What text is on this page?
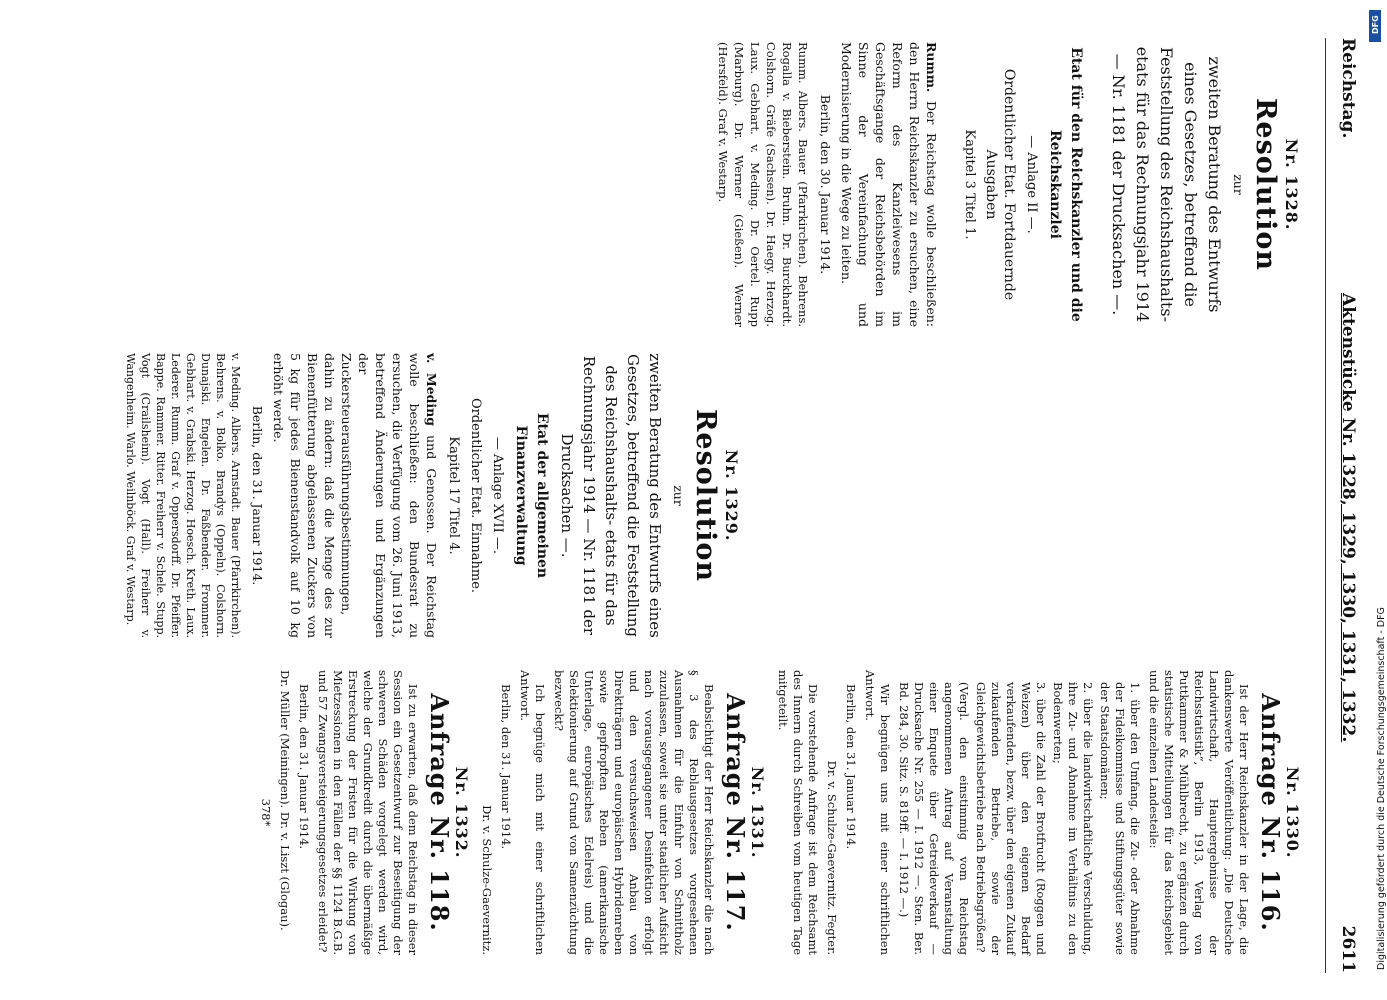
Reichstag.
Aktenstücke Nr. 1328, 1329, 1330, 1331, 1332.
2611
Nr. 1328.
Resolution
zur

zweiten Beratung des Entwurfs eines Gesetzes, betreffend die Feststellung des Reichshaushalts- etats für das Rechnungsjahr 1914 — Nr. 1181 der Drucksachen —.

Etat für den Reichskanzler und die Reichskanzlei

— Anlage II —.

Ordentlicher Etat. Fortdauernde Ausgaben

Kapitel 3 Titel 1.

Rumm. Der Reichstag wolle beschließen: den Herrn Reichskanzler zu ersuchen, eine Reform des Kanzleiwesens im Geschäftsgange der Reichsbehörden im Sinne der Vereinfachung und Modernisierung in die Wege zu leiten.

Berlin, den 30. Januar 1914.

Rumm. Albers. Bauer (Pfarrkirchen). Behrens. Rogalla v. Bieberstein. Bruhn. Dr. Burckhardt. Colshorn. Gräfe (Sachsen). Dr. Haegy. Herzog. Laux. Gebhart. v. Meding. Dr. Oertel. Rupp (Marburg). Dr. Werner (Gießen). Werner (Hersfeld). Graf v. Westarp.

Nr. 1329.
Resolution
zur

zweiten Beratung des Entwurfs eines Gesetzes, betreffend die Feststellung des Reichshaushalts- etats für das Rechnungsjahr 1914 — Nr. 1181 der Drucksachen —.

Etat der allgemeinen Finanzverwaltung

— Anlage XVII —.

Ordentlicher Etat. Einnahme.

Kapitel 17 Titel 4.

v. Meding und Genossen. Der Reichstag wolle beschließen: den Bundesrat zu ersuchen, die Verfügung vom 26. Juni 1913, betreffend Änderungen und Ergänzungen der Zuckersteuerausführungsbestimmungen, dahin zu ändern: daß die Menge des zur Bienenfütterung abgelassenen Zuckers von 5 kg für jedes Bienenstandvolk auf 10 kg erhöht werde.

Berlin, den 31. Januar 1914.

v. Meding. Albers. Arnstadt. Bauer (Pfarrkirchen). Behrens. v. Bolko. Brandys (Oppeln). Colshorn. Dunajski. Engelen. Dr. Faßbender. Frommer. Gebhart. v. Grabski. Herzog. Hoesch. Kreth. Laux. Lederer. Rumm. Graf v. Oppersdorff. Dr. Pfeiffer. Bappe. Rammer. Ritter. Freiherr v. Schele. Stupp. Vogt (Crailsheim). Vogt (Hall). Freiherr v. Wangenheim. Warlo. Weilnböck. Graf v. Westarp.

Nr. 1330.
Anfrage Nr. 116.

Ist der Herr Reichskanzler in der Lage, die dankenswerte Veröffentlichung: „Die Deutsche Landwirtschaft, Hauptergebnisse der Reichsstatistik“, Berlin 1913, Verlag von Puttkammer & Mühlbrecht, zu ergänzen durch statistische Mitteilungen für das Reichsgebiet und die einzelnen Landesteile:

1. über den Umfang, die Zu- oder Abnahme der Fideikommisse und Stiftungsgüter sowie der Staatsdomänen;

2. über die landwirtschaftliche Verschuldung, ihre Zu- und Abnahme im Verhältnis zu den Bodenwerten;

3. über die Zahl der Brotfrucht (Roggen und Weizen) über den eigenen Bedarf verkaufenden, bezw. über den eigenen Zukauf zukaufenden Betriebe, sowie der Gleichgewichtsbetriebe nach Betriebsgrößen?

(Vergl. den einstimmig vom Reichstag angenommenen Antrag auf Veranstaltung einer Enquete über Getreideverkauf — Drucksache Nr. 255 — I. 1912 —. Sten. Ber. Bd. 284, 30. Sitz. S. 819ff. — I. 1912 —.)

Wir begnügen uns mit einer schriftlichen Antwort.

Berlin, den 31. Januar 1914.

Dr. v. Schulze-Gaevernitz. Fegter.

Die vorstehende Anfrage ist dem Reichsamt des Innern durch Schreiben vom heutigen Tage mitgeteilt.

Nr. 1331.
Anfrage Nr. 117.

Beabsichtigt der Herr Reichskanzler die nach § 3 des Reblausgesetzes vorgesehenen Ausnahmen für die Einfuhr von Schnittholz zuzulassen, soweit sie unter staatlicher Aufsicht nach vorausgegangener Desinfektion erfolgt und den versuchsweisen Anbau von Direktträgern und europäischen Hybridenreben sowie gepfropften Reben (amerikanische Unterlage, europäisches Edelreis) und die Selektionierung auf Grund von Samenzüchtung bezweckt?

Ich begnüge mich mit einer schriftlichen Antwort.

Berlin, den 31. Januar 1914.

Dr. v. Schulze-Gaevernitz.

Nr. 1332.
Anfrage Nr. 118.

Ist zu erwarten, daß dem Reichstag in dieser Session ein Gesetzentwurf zur Beseitigung der schweren Schäden vorgelegt werden wird, welche der Grundkredit durch die übermäßige Erstreckung der Fristen für die Wirkung von Mietzessionen in den Fällen der §§ 1124 B.G.B. und 57 Zwangsversteigerungsgesetzes erleidet?

Berlin, den 31. Januar 1914.

Dr. Müller (Meiningen). Dr. v. Liszt (Glogau).

378*

DFG
Digitalisierung gefördert durch die Deutsche Forschungsgemeinschaft - DFG
